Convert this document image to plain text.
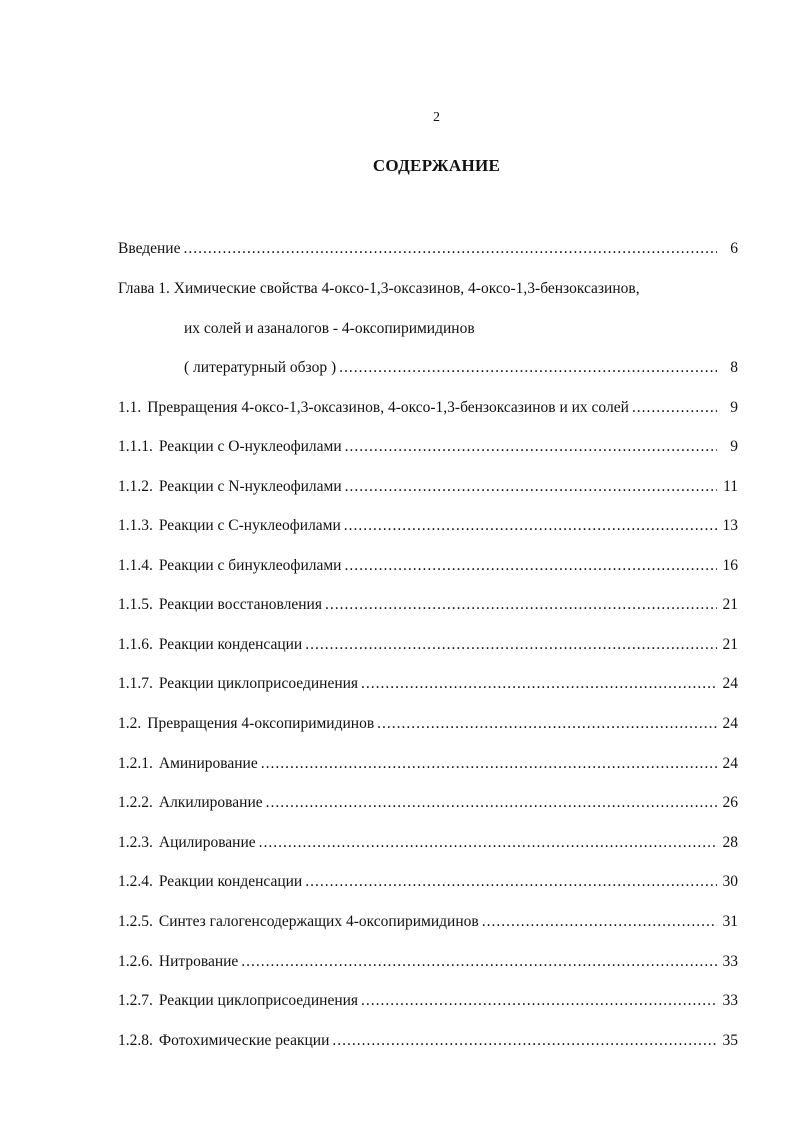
2
СОДЕРЖАНИЕ
Введение .....	6
Глава 1. Химические свойства 4-оксо-1,3-оксазинов, 4-оксо-1,3-бензоксазинов,
их солей и азаналогов - 4-оксопиримидинов
( литературный обзор ) .....	8
1.1. Превращения 4-оксо-1,3-оксазинов, 4-оксо-1,3-бензоксазинов и их солей .....	9
1.1.1. Реакции с О-нуклеофилами .....	9
1.1.2. Реакции с N-нуклеофилами .....	11
1.1.3. Реакции с С-нуклеофилами .....	13
1.1.4. Реакции с бинуклеофилами .....	16
1.1.5. Реакции восстановления .....	21
1.1.6. Реакции конденсации .....	21
1.1.7. Реакции циклоприсоединения .....	24
1.2. Превращения 4-оксопиримидинов .....	24
1.2.1. Аминирование .....	24
1.2.2. Алкилирование .....	26
1.2.3. Ацилирование .....	28
1.2.4. Реакции конденсации .....	30
1.2.5. Синтез галогенсодержащих 4-оксопиримидинов .....	31
1.2.6. Нитрование .....	33
1.2.7. Реакции циклоприсоединения .....	33
1.2.8. Фотохимические реакции .....	35
